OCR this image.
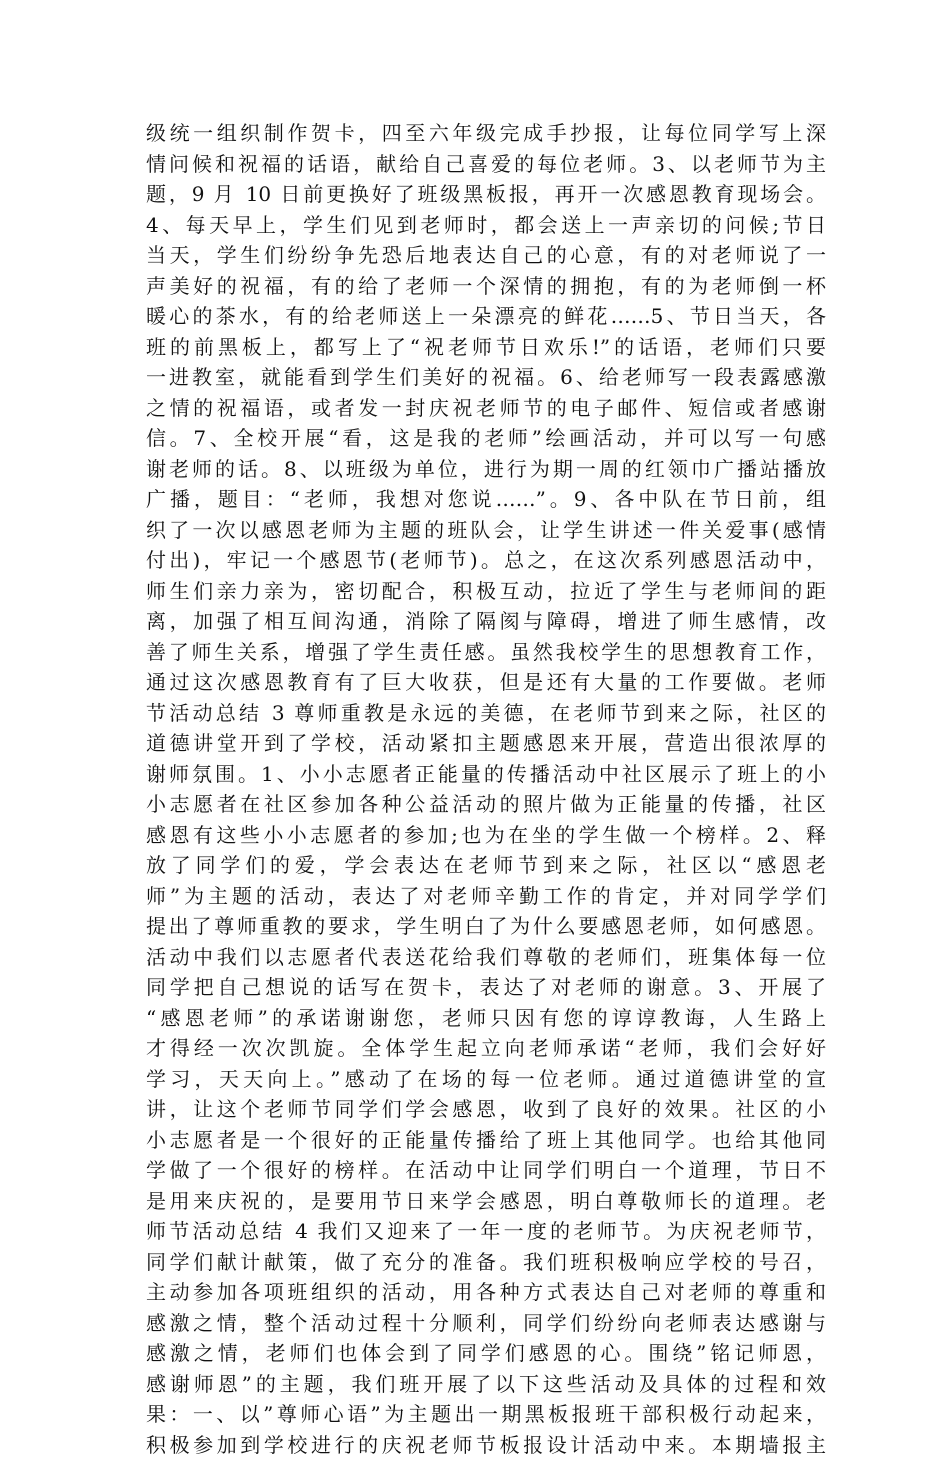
级统一组织制作贺卡，四至六年级完成手抄报，让每位同学写上深
情问候和祝福的话语，献给自己喜爱的每位老师。3、以老师节为主
题，9 月 10 日前更换好了班级黑板报，再开一次感恩教育现场会。
4、每天早上，学生们见到老师时，都会送上一声亲切的问候;节日
当天，学生们纷纷争先恐后地表达自己的心意，有的对老师说了一
声美好的祝福，有的给了老师一个深情的拥抱，有的为老师倒一杯
暖心的茶水，有的给老师送上一朵漂亮的鲜花……5、节日当天，各
班的前黑板上，都写上了“祝老师节日欢乐!”的话语，老师们只要
一进教室，就能看到学生们美好的祝福。6、给老师写一段表露感激
之情的祝福语，或者发一封庆祝老师节的电子邮件、短信或者感谢
信。7、全校开展“看，这是我的老师”绘画活动，并可以写一句感
谢老师的话。8、以班级为单位，进行为期一周的红领巾广播站播放
广播，题目：“老师，我想对您说……”。9、各中队在节日前，组
织了一次以感恩老师为主题的班队会，让学生讲述一件关爱事(感情
付出)，牢记一个感恩节(老师节)。总之，在这次系列感恩活动中，
师生们亲力亲为，密切配合，积极互动，拉近了学生与老师间的距
离，加强了相互间沟通，消除了隔阂与障碍，增进了师生感情，改
善了师生关系，增强了学生责任感。虽然我校学生的思想教育工作，
通过这次感恩教育有了巨大收获，但是还有大量的工作要做。老师
节活动总结 3 尊师重教是永远的美德，在老师节到来之际，社区的
道德讲堂开到了学校，活动紧扣主题感恩来开展，营造出很浓厚的
谢师氛围。1、小小志愿者正能量的传播活动中社区展示了班上的小
小志愿者在社区参加各种公益活动的照片做为正能量的传播，社区
感恩有这些小小志愿者的参加;也为在坐的学生做一个榜样。2、释
放了同学们的爱，学会表达在老师节到来之际，社区以“感恩老
师”为主题的活动，表达了对老师辛勤工作的肯定，并对同学学们
提出了尊师重教的要求，学生明白了为什么要感恩老师，如何感恩。
活动中我们以志愿者代表送花给我们尊敬的老师们，班集体每一位
同学把自己想说的话写在贺卡，表达了对老师的谢意。3、开展了
“感恩老师”的承诺谢谢您，老师只因有您的谆谆教诲，人生路上
才得经一次次凯旋。全体学生起立向老师承诺“老师，我们会好好
学习，天天向上。”感动了在场的每一位老师。通过道德讲堂的宣
讲，让这个老师节同学们学会感恩，收到了良好的效果。社区的小
小志愿者是一个很好的正能量传播给了班上其他同学。也给其他同
学做了一个很好的榜样。在活动中让同学们明白一个道理，节日不
是用来庆祝的，是要用节日来学会感恩，明白尊敬师长的道理。老
师节活动总结 4 我们又迎来了一年一度的老师节。为庆祝老师节，
同学们献计献策，做了充分的准备。我们班积极响应学校的号召，
主动参加各项班组织的活动，用各种方式表达自己对老师的尊重和
感激之情，整个活动过程十分顺利，同学们纷纷向老师表达感谢与
感激之情，老师们也体会到了同学们感恩的心。围绕”铭记师恩，
感谢师恩”的主题，我们班开展了以下这些活动及具体的过程和效
果：一、以”尊师心语”为主题出一期黑板报班干部积极行动起来，
积极参加到学校进行的庆祝老师节板报设计活动中来。本期墙报主
